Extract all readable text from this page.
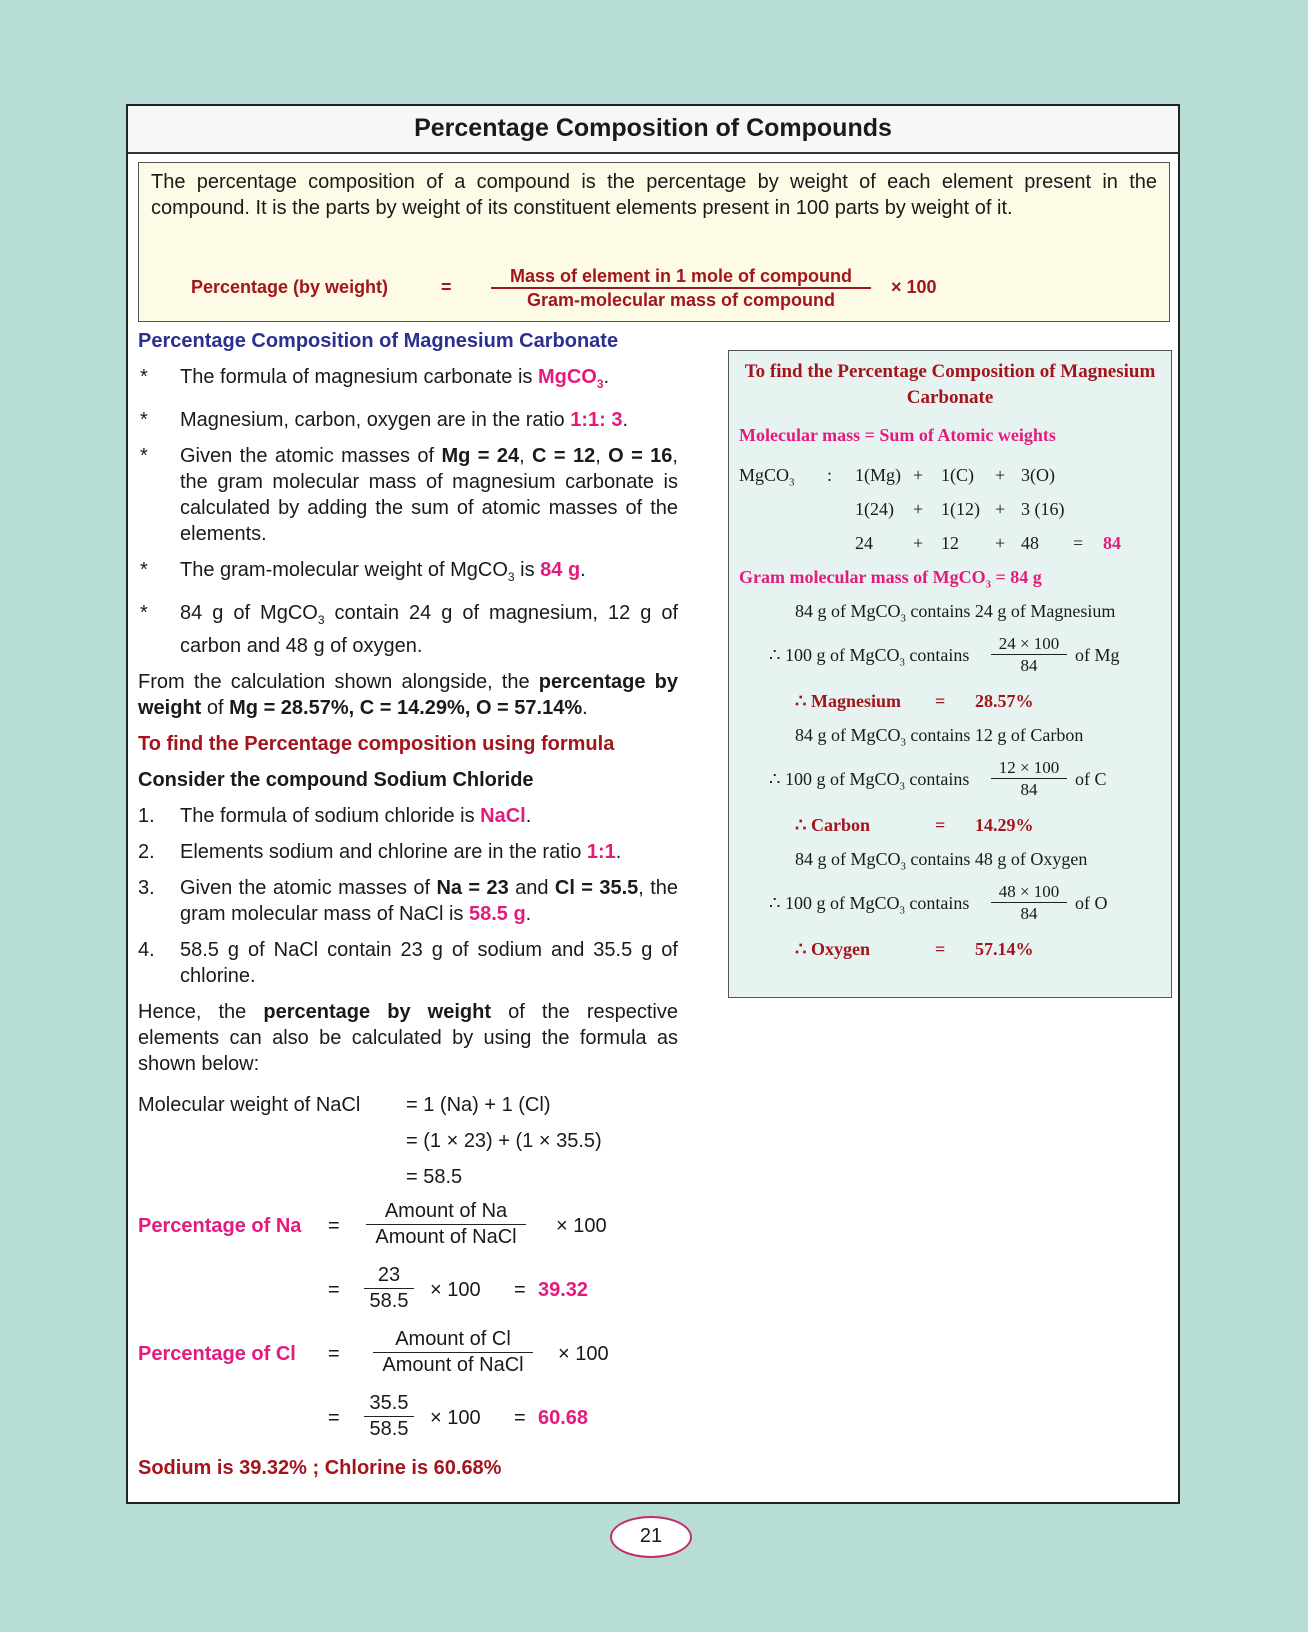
Percentage Composition of Compounds
The percentage composition of a compound is the percentage by weight of each element present in the compound. It is the parts by weight of its constituent elements present in 100 parts by weight of it.
Percentage (by weight)	=
Mass of element in 1 mole of compound
Gram-molecular mass of compound
× 100
Percentage Composition of Magnesium Carbonate
* The formula of magnesium carbonate is MgCO$_3$.
* Magnesium, carbon, oxygen are in the ratio 1:1: 3.
* Given the atomic masses of Mg = 24, C = 12, O = 16, the gram molecular mass of magnesium carbonate is calculated by adding the sum of atomic masses of the elements.
* The gram-molecular weight of MgCO$_3$ is 84 g.
* 84 g of MgCO$_3$ contain 24 g of magnesium, 12 g of carbon and 48 g of oxygen.
From the calculation shown alongside, the percentage by weight of Mg = 28.57%, C = 14.29%, O = 57.14%.
To find the Percentage composition using formula
Consider the compound Sodium Chloride
1. The formula of sodium chloride is NaCl.
2. Elements sodium and chlorine are in the ratio 1:1.
3. Given the atomic masses of Na = 23 and Cl = 35.5, the gram molecular mass of NaCl is 58.5 g.
4. 58.5 g of NaCl contain 23 g of sodium and 35.5 g of chlorine.
Hence, the percentage by weight of the respective elements can also be calculated by using the formula as shown below:
Molecular weight of NaCl = 1 (Na) + 1 (Cl)
= (1 × 23) + (1 × 35.5)
= 58.5
Percentage of Na =
Amount of Na
Amount of NaCl	× 100
=
23
58.5 × 100 = 39.32
Percentage of Cl =
Amount of Cl
Amount of NaCl	× 100
=
35.5
58.5 × 100 = 60.68
Sodium is 39.32% ; Chlorine is 60.68%
To find the Percentage Composition of Magnesium Carbonate
Molecular mass = Sum of Atomic weights
MgCO$_3$ : 1(Mg) + 1(C) + 3(O)
1(24) + 1(12) + 3 (16)
24 + 12 + 48 = 84
Gram molecular mass of MgCO$_3$ = 84 g
84 g of MgCO$_3$ contains 24 g of Magnesium
∴ 100 g of MgCO$_3$ contains
24 × 100
84
of Mg
∴ Magnesium = 28.57%
84 g of MgCO$_3$ contains 12 g of Carbon
∴ 100 g of MgCO$_3$ contains
12 × 100
84
of C
∴ Carbon	= 14.29%
84 g of MgCO$_3$ contains 48 g of Oxygen
∴ 100 g of MgCO$_3$ contains
48 × 100
84
of O
∴ Oxygen	= 57.14%
21
